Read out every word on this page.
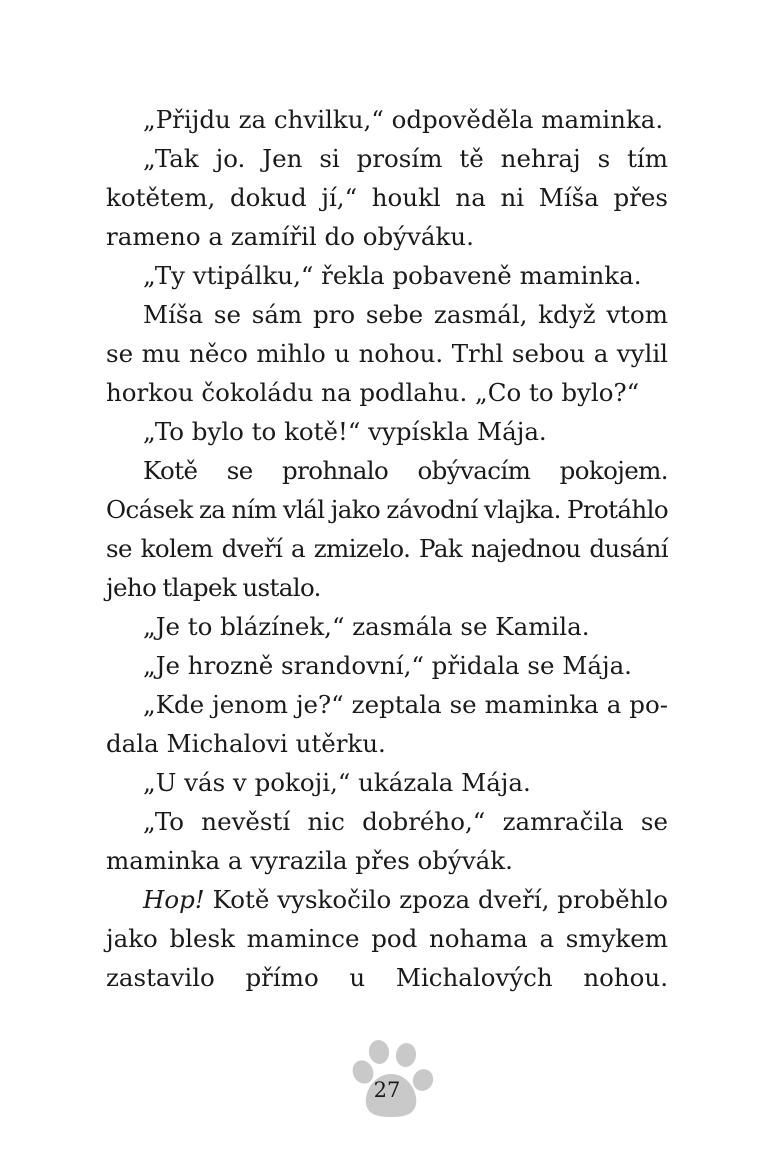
„Přijdu za chvilku,“ odpověděla maminka.

„Tak jo. Jen si prosím tě nehraj s tím kotětem, dokud jí,“ houkl na ni Míša přes rameno a zamířil do obýváku.

„Ty vtipálku,“ řekla pobaveně maminka.

Míša se sám pro sebe zasmál, když vtom se mu něco mihlo u nohou. Trhl sebou a vylil horkou čokoládu na podlahu. „Co to bylo?“

„To bylo to kotě!“ vypískla Mája.

Kotě se prohnalo obývacím pokojem. Ocásek za ním vlál jako závodní vlajka. Protáhlo se kolem dveří a zmizelo. Pak najednou dusání jeho tlapek ustalo.

„Je to blázínek,“ zasmála se Kamila.

„Je hrozně srandovní,“ přidala se Mája.

„Kde jenom je?“ zeptala se maminka a podala Michalovi utěrku.

„U vás v pokoji,“ ukázala Mája.

„To nevěstí nic dobrého,“ zamračila se maminka a vyrazila přes obývák.

Hop! Kotě vyskočilo zpoza dveří, proběhlo jako blesk mamince pod nohama a smykem zastavilo přímo u Michalových nohou.

27
